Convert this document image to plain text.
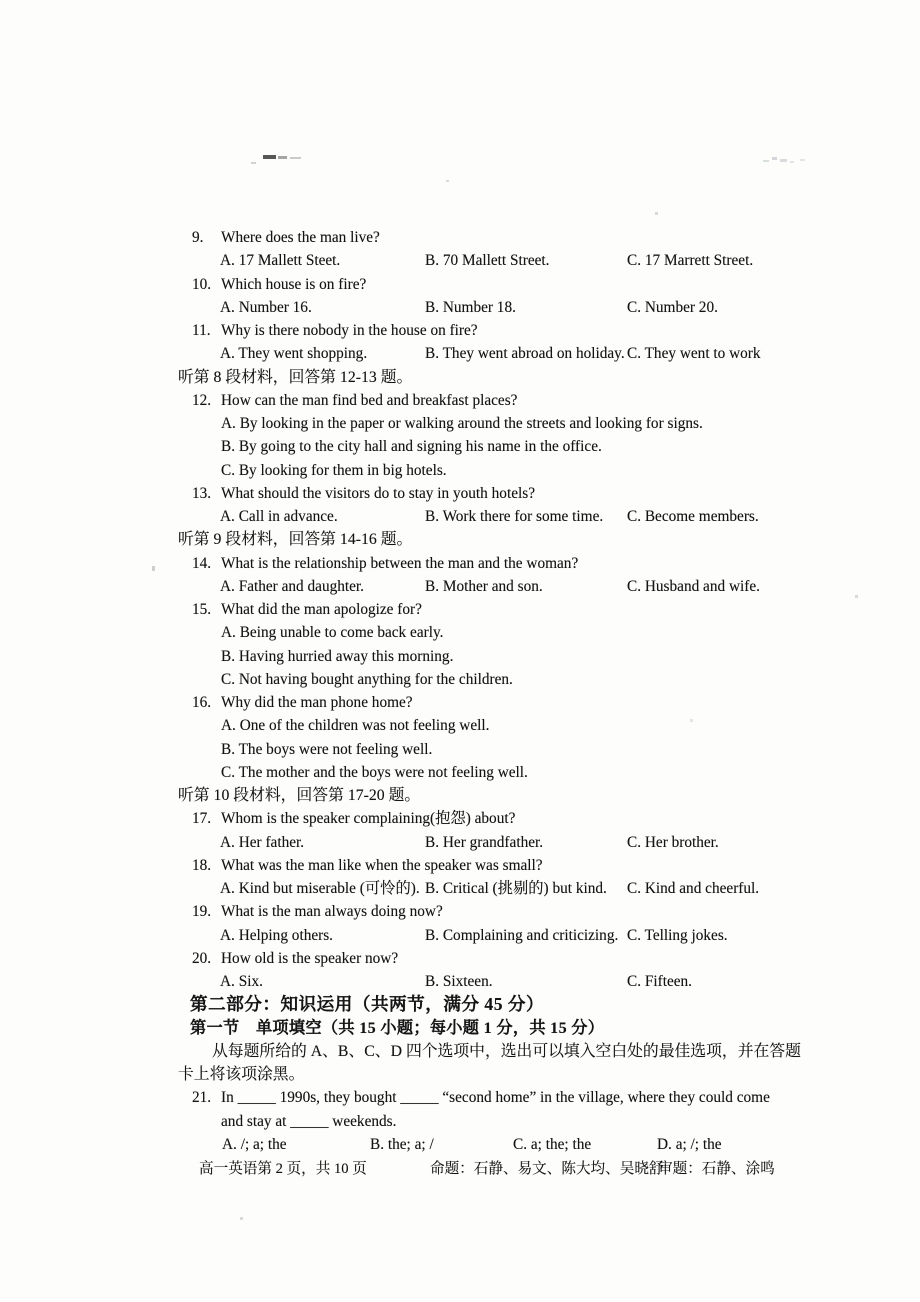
9. Where does the man live?
A. 17 Mallett Steet.	B. 70 Mallett Street.	C. 17 Marrett Street.
10. Which house is on fire?
A. Number 16.	B. Number 18.	C. Number 20.
11. Why is there nobody in the house on fire?
A. They went shopping.	B. They went abroad on holiday. C. They went to work
听第 8 段材料，回答第 12-13 题。
12. How can the man find bed and breakfast places?
A. By looking in the paper or walking around the streets and looking for signs.
B. By going to the city hall and signing his name in the office.
C. By looking for them in big hotels.
13. What should the visitors do to stay in youth hotels?
A. Call in advance.	B. Work there for some time.	C. Become members.
听第 9 段材料，回答第 14-16 题。
14. What is the relationship between the man and the woman?
A. Father and daughter.	B. Mother and son.	C. Husband and wife.
15. What did the man apologize for?
A. Being unable to come back early.
B. Having hurried away this morning.
C. Not having bought anything for the children.
16. Why did the man phone home?
A. One of the children was not feeling well.
B. The boys were not feeling well.
C. The mother and the boys were not feeling well.
听第 10 段材料，回答第 17-20 题。
17. Whom is the speaker complaining(抱怨) about?
A. Her father.	B. Her grandfather.	C. Her brother.
18. What was the man like when the speaker was small?
A. Kind but miserable (可怜的). B. Critical (挑剔的) but kind.	C. Kind and cheerful.
19. What is the man always doing now?
A. Helping others.	B. Complaining and criticizing. C. Telling jokes.
20. How old is the speaker now?
A. Six.	B. Sixteen.	C. Fifteen.
第二部分：知识运用（共两节，满分 45 分）
第一节　单项填空（共 15 小题；每小题 1 分，共 15 分）
从每题所给的 A、B、C、D 四个选项中，选出可以填入空白处的最佳选项，并在答题
卡上将该项涂黑。
21. In _____ 1990s, they bought _____ “second home” in the village, where they could come
and stay at _____ weekends.
A. /; a; the	B. the; a; /	C. a; the; the	D. a; /; the
高一英语第 2 页，共 10 页	命题：石静、易文、陈大均、吴晓舒
审题：石静、涂鸣
